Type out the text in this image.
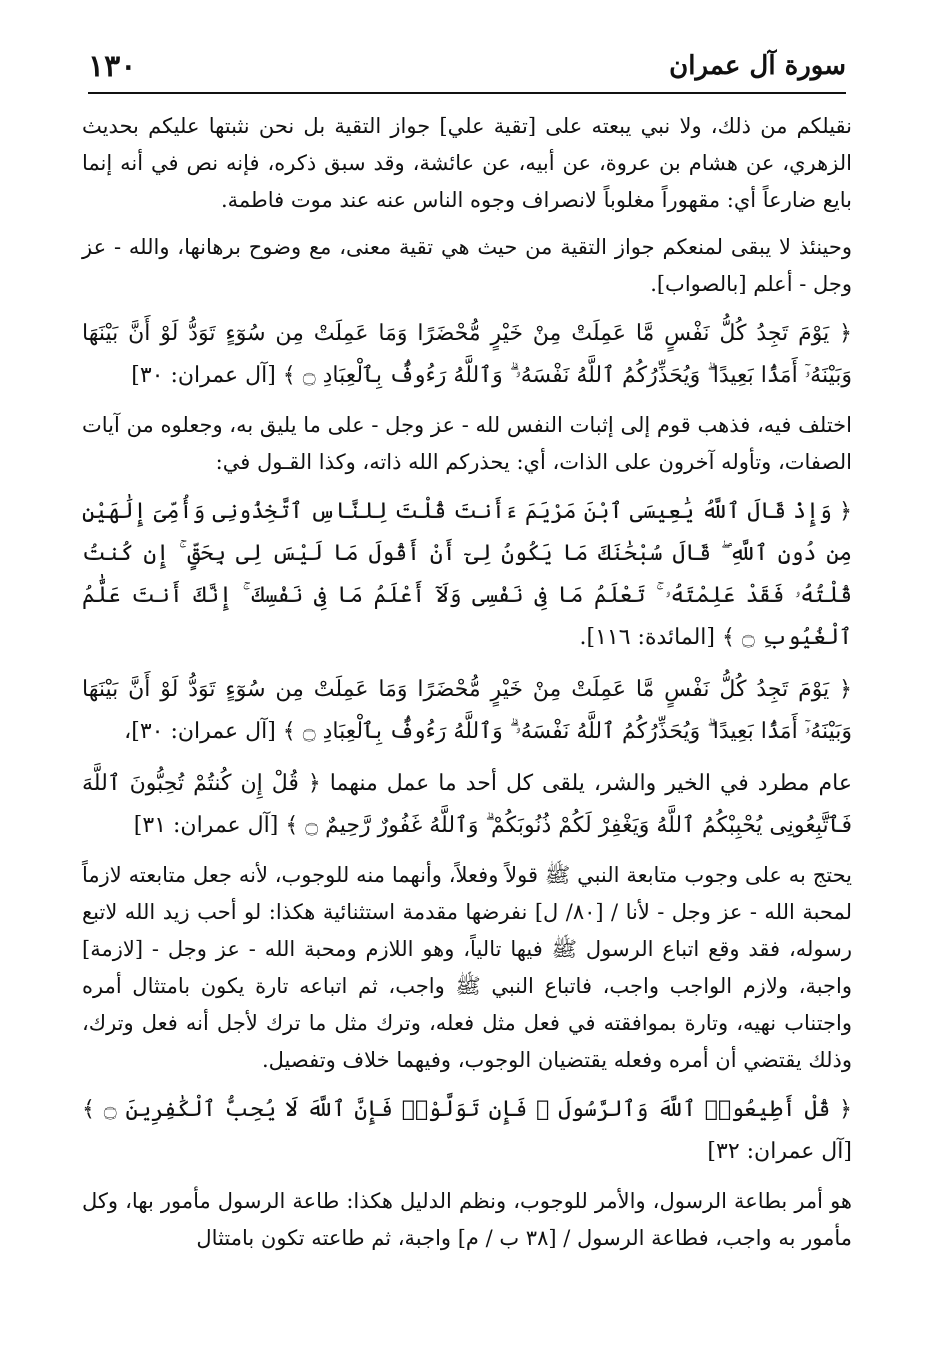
١٣٠	سورة آل عمران

نقيلكم من ذلك، ولا نبي يبعته على [تقية علي] جواز التقية بل نحن نثبتها عليكم بحديث الزهري، عن هشام بن عروة، عن أبيه، عن عائشة، وقد سبق ذكره، فإنه نص في أنه إنما بايع ضارعاً أي: مقهوراً مغلوباً لانصراف وجوه الناس عنه عند موت فاطمة.

وحينئذ لا يبقى لمنعكم جواز التقية من حيث هي تقية معنى، مع وضوح برهانها، والله - عز وجل - أعلم [بالصواب].

﴿ يَوْمَ تَجِدُ كُلُّ نَفْسٍ مَّا عَمِلَتْ مِنْ خَيْرٍ مُّحْضَرًا وَمَا عَمِلَتْ مِن سُوٓءٍ تَوَدُّ لَوْ أَنَّ بَيْنَهَا وَبَيْنَهُۥٓ أَمَدًۢا بَعِيدًا ۗ وَيُحَذِّرُكُمُ ٱللَّهُ نَفْسَهُۥ ۗ وَٱللَّهُ رَءُوفٌۢ بِٱلْعِبَادِ ۝ ﴾ [آل عمران: ٣٠]

اختلف فيه، فذهب قوم إلى إثبات النفس لله - عز وجل - على ما يليق به، وجعلوه من آيات الصفات، وتأوله آخرون على الذات، أي: يحذركم الله ذاته، وكذا القـول في:

﴿ وَإِذْ قَالَ ٱللَّهُ يَٰعِيسَى ٱبْنَ مَرْيَمَ ءَأَنتَ قُلْتَ لِلنَّاسِ ٱتَّخِذُونِى وَأُمِّىَ إِلَٰهَيْنِ مِن دُونِ ٱللَّهِ ۖ قَالَ سُبْحَٰنَكَ مَا يَكُونُ لِىٓ أَنْ أَقُولَ مَا لَيْسَ لِى بِحَقٍّ ۚ إِن كُنتُ قُلْتُهُۥ فَقَدْ عَلِمْتَهُۥ ۚ تَعْلَمُ مَا فِى نَفْسِى وَلَآ أَعْلَمُ مَا فِى نَفْسِكَ ۚ إِنَّكَ أَنتَ عَلَّٰمُ ٱلْغُيُوبِ ۝ ﴾ [المائدة: ١١٦].
﴿ يَوْمَ تَجِدُ كُلُّ نَفْسٍ مَّا عَمِلَتْ مِنْ خَيْرٍ مُّحْضَرًا وَمَا عَمِلَتْ مِن سُوٓءٍ تَوَدُّ لَوْ أَنَّ بَيْنَهَا وَبَيْنَهُۥٓ أَمَدًۢا بَعِيدًا ۗ وَيُحَذِّرُكُمُ ٱللَّهُ نَفْسَهُۥ ۗ وَٱللَّهُ رَءُوفٌۢ بِٱلْعِبَادِ ۝ ﴾ [آل عمران: ٣٠]،
عام مطرد في الخير والشر، يلقى كل أحد ما عمل منهما ﴿ قُلْ إِن كُنتُمْ تُحِبُّونَ ٱللَّهَ فَٱتَّبِعُونِى يُحْبِبْكُمُ ٱللَّهُ وَيَغْفِرْ لَكُمْ ذُنُوبَكُمْ ۗ وَٱللَّهُ غَفُورٌ رَّحِيمٌ ۝ ﴾ [آل عمران: ٣١]

يحتج به على وجوب متابعة النبي ﷺ قولاً وفعلاً، وأنهما منه للوجوب، لأنه جعل متابعته لازماً لمحبة الله - عز وجل - لأنا / [٨٠/ ل] نفرضها مقدمة استثنائية هكذا: لو أحب زيد الله لاتبع رسوله، فقد وقع اتباع الرسول ﷺ فيها تالياً، وهو اللازم ومحبة الله - عز وجل - [لازمة] واجبة، ولازم الواجب واجب، فاتباع النبي ﷺ واجب، ثم اتباعه تارة يكون بامتثال أمره واجتناب نهيه، وتارة بموافقته في فعل مثل فعله، وترك مثل ما ترك لأجل أنه فعل وترك، وذلك يقتضي أن أمره وفعله يقتضيان الوجوب، وفيهما خلاف وتفصيل.

﴿ قُلْ أَطِيعُوا۟ ٱللَّهَ وَٱلرَّسُولَ ۖ فَإِن تَوَلَّوْا۟ فَإِنَّ ٱللَّهَ لَا يُحِبُّ ٱلْكَٰفِرِينَ ۝ ﴾ [آل عمران: ٣٢]

هو أمر بطاعة الرسول، والأمر للوجوب، ونظم الدليل هكذا: طاعة الرسول مأمور بها، وكل مأمور به واجب، فطاعة الرسول / [٣٨ ب / م] واجبة، ثم طاعته تكون بامتثال
